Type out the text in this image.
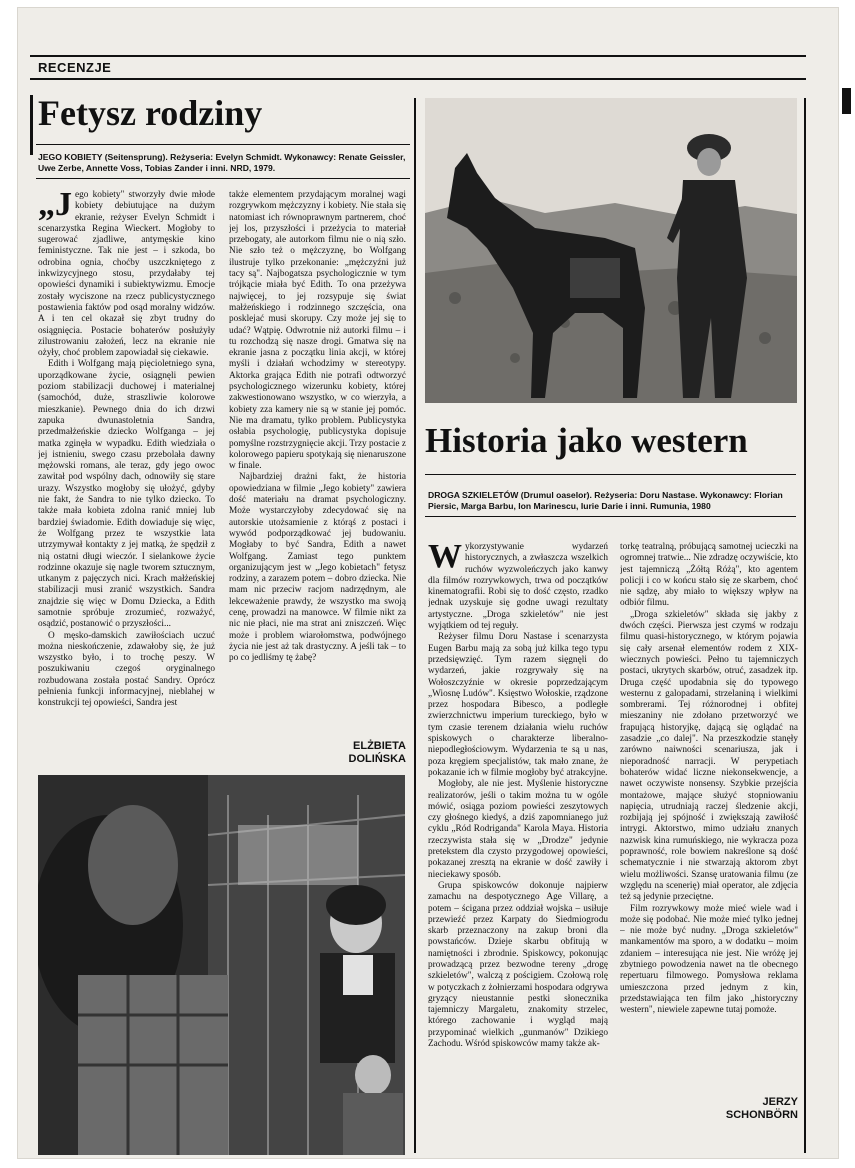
RECENZJE
Fetysz rodziny
JEGO KOBIETY (Seitensprung). Reżyseria: Evelyn Schmidt. Wykonawcy: Renate Geissler, Uwe Zerbe, Annette Voss, Tobias Zander i inni. NRD, 1979.

„Jego kobiety" stworzyły dwie młode kobiety debiutujące na dużym ekranie, reżyser Evelyn Schmidt i scenarzystka Regina Wieckert. Mogłoby to sugerować zjadliwe, antymęskie kino feministyczne. Tak nie jest – i szkoda, bo odrobina ognia, choćby uszczkniętego z inkwizycyjnego stosu, przydałaby tej opowieści dynamiki i subiektywizmu. Emocje zostały wyciszone na rzecz publicystycznego postawienia faktów pod osąd moralny widzów. A i ten cel okazał się zbyt trudny do osiągnięcia. Postacie bohaterów posłużyły zilustrowaniu założeń, lecz na ekranie nie ożyły, choć problem zapowiadał się ciekawie.

Edith i Wolfgang mają pięcioletniego syna, uporządkowane życie, osiągnęli pewien poziom stabilizacji duchowej i materialnej (samochód, duże, straszliwie kolorowe mieszkanie). Pewnego dnia do ich drzwi zapuka dwunastoletnia Sandra, przedmałżeńskie dziecko Wolfganga – jej matka zginęła w wypadku. Edith wiedziała o jej istnieniu, swego czasu przebolała dawny mężowski romans, ale teraz, gdy jego owoc zawitał pod wspólny dach, odnowiły się stare urazy. Wszystko mogłoby się ułożyć, gdyby nie fakt, że Sandra to nie tylko dziecko. To także mała kobieta zdolna ranić mniej lub bardziej świadomie. Edith dowiaduje się więc, że Wolfgang przez te wszystkie lata utrzymywał kontakty z jej matką, że spędził z nią ostatni długi wieczór. I sielankowe życie rodzinne okazuje się nagle tworem sztucznym, utkanym z pajęczych nici. Krach małżeńskiej stabilizacji musi zranić wszystkich. Sandra znajdzie się więc w Domu Dziecka, a Edith samotnie spróbuje zrozumieć, rozważyć, osądzić, postanowić o przyszłości...

O męsko-damskich zawiłościach uczuć można nieskończenie, zdawałoby się, że już wszystko było, i to trochę peszy. W poszukiwaniu czegoś oryginalnego rozbudowana została postać Sandry. Oprócz pełnienia funkcji informacyjnej, nieblahej w konstrukcji tej opowieści, Sandra jest

także elementem przydającym moralnej wagi rozgrywkom mężczyzny i kobiety. Nie stała się natomiast ich równoprawnym partnerem, choć jej los, przyszłości i przeżycia to materiał przebogaty, ale autorkom filmu nie o nią szło. Nie szło też o mężczyznę, bo Wolfgang ilustruje tylko przekonanie: „mężczyźni już tacy są". Najbogatsza psychologicznie w tym trójkącie miała być Edith. To ona przeżywa najwięcej, to jej rozsypuje się świat małżeńskiego i rodzinnego szczęścia, ona posklejać musi skorupy. Czy może jej się to udać? Wątpię. Odwrotnie niż autorki filmu – i tu rozchodzą się nasze drogi. Gmatwa się na ekranie jasna z początku linia akcji, w której myśli i działań wchodzimy w stereotypy. Aktorka grająca Edith nie potrafi odtworzyć psychologicznego wizerunku kobiety, której zakwestionowano wszystko, w co wierzyła, a kobiety zza kamery nie są w stanie jej pomóc. Nie ma dramatu, tylko problem. Publicystyka osłabia psychologię, publicystyka dopisuje pomyślne rozstrzygnięcie akcji. Trzy postacie z kolorowego papieru spotykają się nienaruszone w finale.

Najbardziej drażni fakt, że historia opowiedziana w filmie „Jego kobiety" zawiera dość materiału na dramat psychologiczny. Może wystarczyłoby zdecydować się na autorskie utożsamienie z którąś z postaci i wywód podporządkować jej budowaniu. Mogłaby to być Sandra, Edith a nawet Wolfgang. Zamiast tego punktem organizującym jest w „Jego kobietach" fetysz rodziny, a zarazem potem – dobro dziecka. Nie mam nic przeciw racjom nadrzędnym, ale lekceważenie prawdy, że wszystko ma swoją cenę, prowadzi na manowce. W filmie nikt za nic nie płaci, nie ma strat ani zniszczeń. Więc może i problem wiarołomstwa, podwójnego życia nie jest aż tak drastyczny. A jeśli tak – to po co jedliśmy tę żabę?

ELŻBIETA
DOLIŃSKA
Historia jako western
DROGA SZKIELETÓW (Drumul oaselor). Reżyseria: Doru Nastase. Wykonawcy: Florian Piersic, Marga Barbu, Ion Marinescu, Iurie Darie i inni. Rumunia, 1980

Wykorzystywanie wydarzeń historycznych, a zwłaszcza wszelkich ruchów wyzwoleńczych jako kanwy dla filmów rozrywkowych, trwa od początków kinematografii. Robi się to dość często, rzadko jednak uzyskuje się godne uwagi rezultaty artystyczne. „Droga szkieletów" nie jest wyjątkiem od tej reguły.

Reżyser filmu Doru Nastase i scenarzysta Eugen Barbu mają za sobą już kilka tego typu przedsięwzięć. Tym razem sięgnęli do wydarzeń, jakie rozgrywały się na Wołoszczyźnie w okresie poprzedzającym „Wiosnę Ludów". Księstwo Wołoskie, rządzone przez hospodara Bibesco, a podległe zwierzchnictwu imperium tureckiego, było w tym czasie terenem działania wielu ruchów spiskowych o charakterze liberalno-niepodległościowym. Wydarzenia te są u nas, poza kręgiem specjalistów, tak mało znane, że pokazanie ich w filmie mogłoby być atrakcyjne.

Mogłoby, ale nie jest. Myślenie historyczne realizatorów, jeśli o takim można tu w ogóle mówić, osiąga poziom powieści zeszytowych czy głośnego kiedyś, a dziś zapomnianego już cyklu „Ród Rodriganda" Karola Maya. Historia rzeczywista stała się w „Drodze" jedynie pretekstem dla czysto przygodowej opowieści, pokazanej zresztą na ekranie w dość zawiły i nieciekawy sposób.

Grupa spiskowców dokonuje najpierw zamachu na despotycznego Age Villarę, a potem – ścigana przez oddział wojska – usiłuje przewieźć przez Karpaty do Siedmiogrodu skarb przeznaczony na zakup broni dla powstańców. Dzieje skarbu obfitują w namiętności i zbrodnie. Spiskowcy, pokonując prowadzącą przez bezwodne tereny „drogę szkieletów", walczą z pościgiem. Czołową rolę w potyczkach z żołnierzami hospodara odgrywa gryzący nieustannie pestki słonecznika tajemniczy Margaletu, znakomity strzelec, którego zachowanie i wygląd mają przypominać wielkich „gunmanów" Dzikiego Zachodu. Wśród spiskowców mamy także ak-

torkę teatralną, próbującą samotnej ucieczki na ogromnej tratwie... Nie zdradzę oczywiście, kto jest tajemniczą „Żółtą Różą", kto agentem policji i co w końcu stało się ze skarbem, choć nie sądzę, aby miało to większy wpływ na odbiór filmu.

„Droga szkieletów" składa się jakby z dwóch części. Pierwsza jest czymś w rodzaju filmu quasi-historycznego, w którym pojawia się cały arsenał elementów rodem z XIX-wiecznych powieści. Pełno tu tajemniczych postaci, ukrytych skarbów, otruć, zasadzek itp. Druga część upodabnia się do typowego westernu z galopadami, strzelaniną i wielkimi sombrerami. Tej różnorodnej i obfitej mieszaniny nie zdołano przetworzyć we frapującą historyjkę, dającą się oglądać na zasadzie „co dalej". Na przeszkodzie stanęły zarówno naiwności scenariusza, jak i nieporadność narracji. W perypetiach bohaterów widać liczne niekonsekwencje, a nawet oczywiste nonsensy. Szybkie przejścia montażowe, mające służyć stopniowaniu napięcia, utrudniają raczej śledzenie akcji, rozbijają jej spójność i zwiększają zawiłość intrygi. Aktorstwo, mimo udziału znanych nazwisk kina rumuńskiego, nie wykracza poza poprawność, role bowiem nakreślone są dość schematycznie i nie stwarzają aktorom zbyt wielu możliwości. Szansę uratowania filmu (ze względu na scenerię) miał operator, ale zdjęcia też są jedynie przeciętne.

Film rozrywkowy może mieć wiele wad i może się podobać. Nie może mieć tylko jednej – nie może być nudny. „Droga szkieletów" mankamentów ma sporo, a w dodatku – moim zdaniem – interesująca nie jest. Nie wróżę jej zbytniego powodzenia nawet na tle obecnego repertuaru filmowego. Pomysłowa reklama umieszczona przed jednym z kin, przedstawiająca ten film jako „historyczny western", niewiele zapewne tutaj pomoże.

JERZY
SCHONBÖRN
